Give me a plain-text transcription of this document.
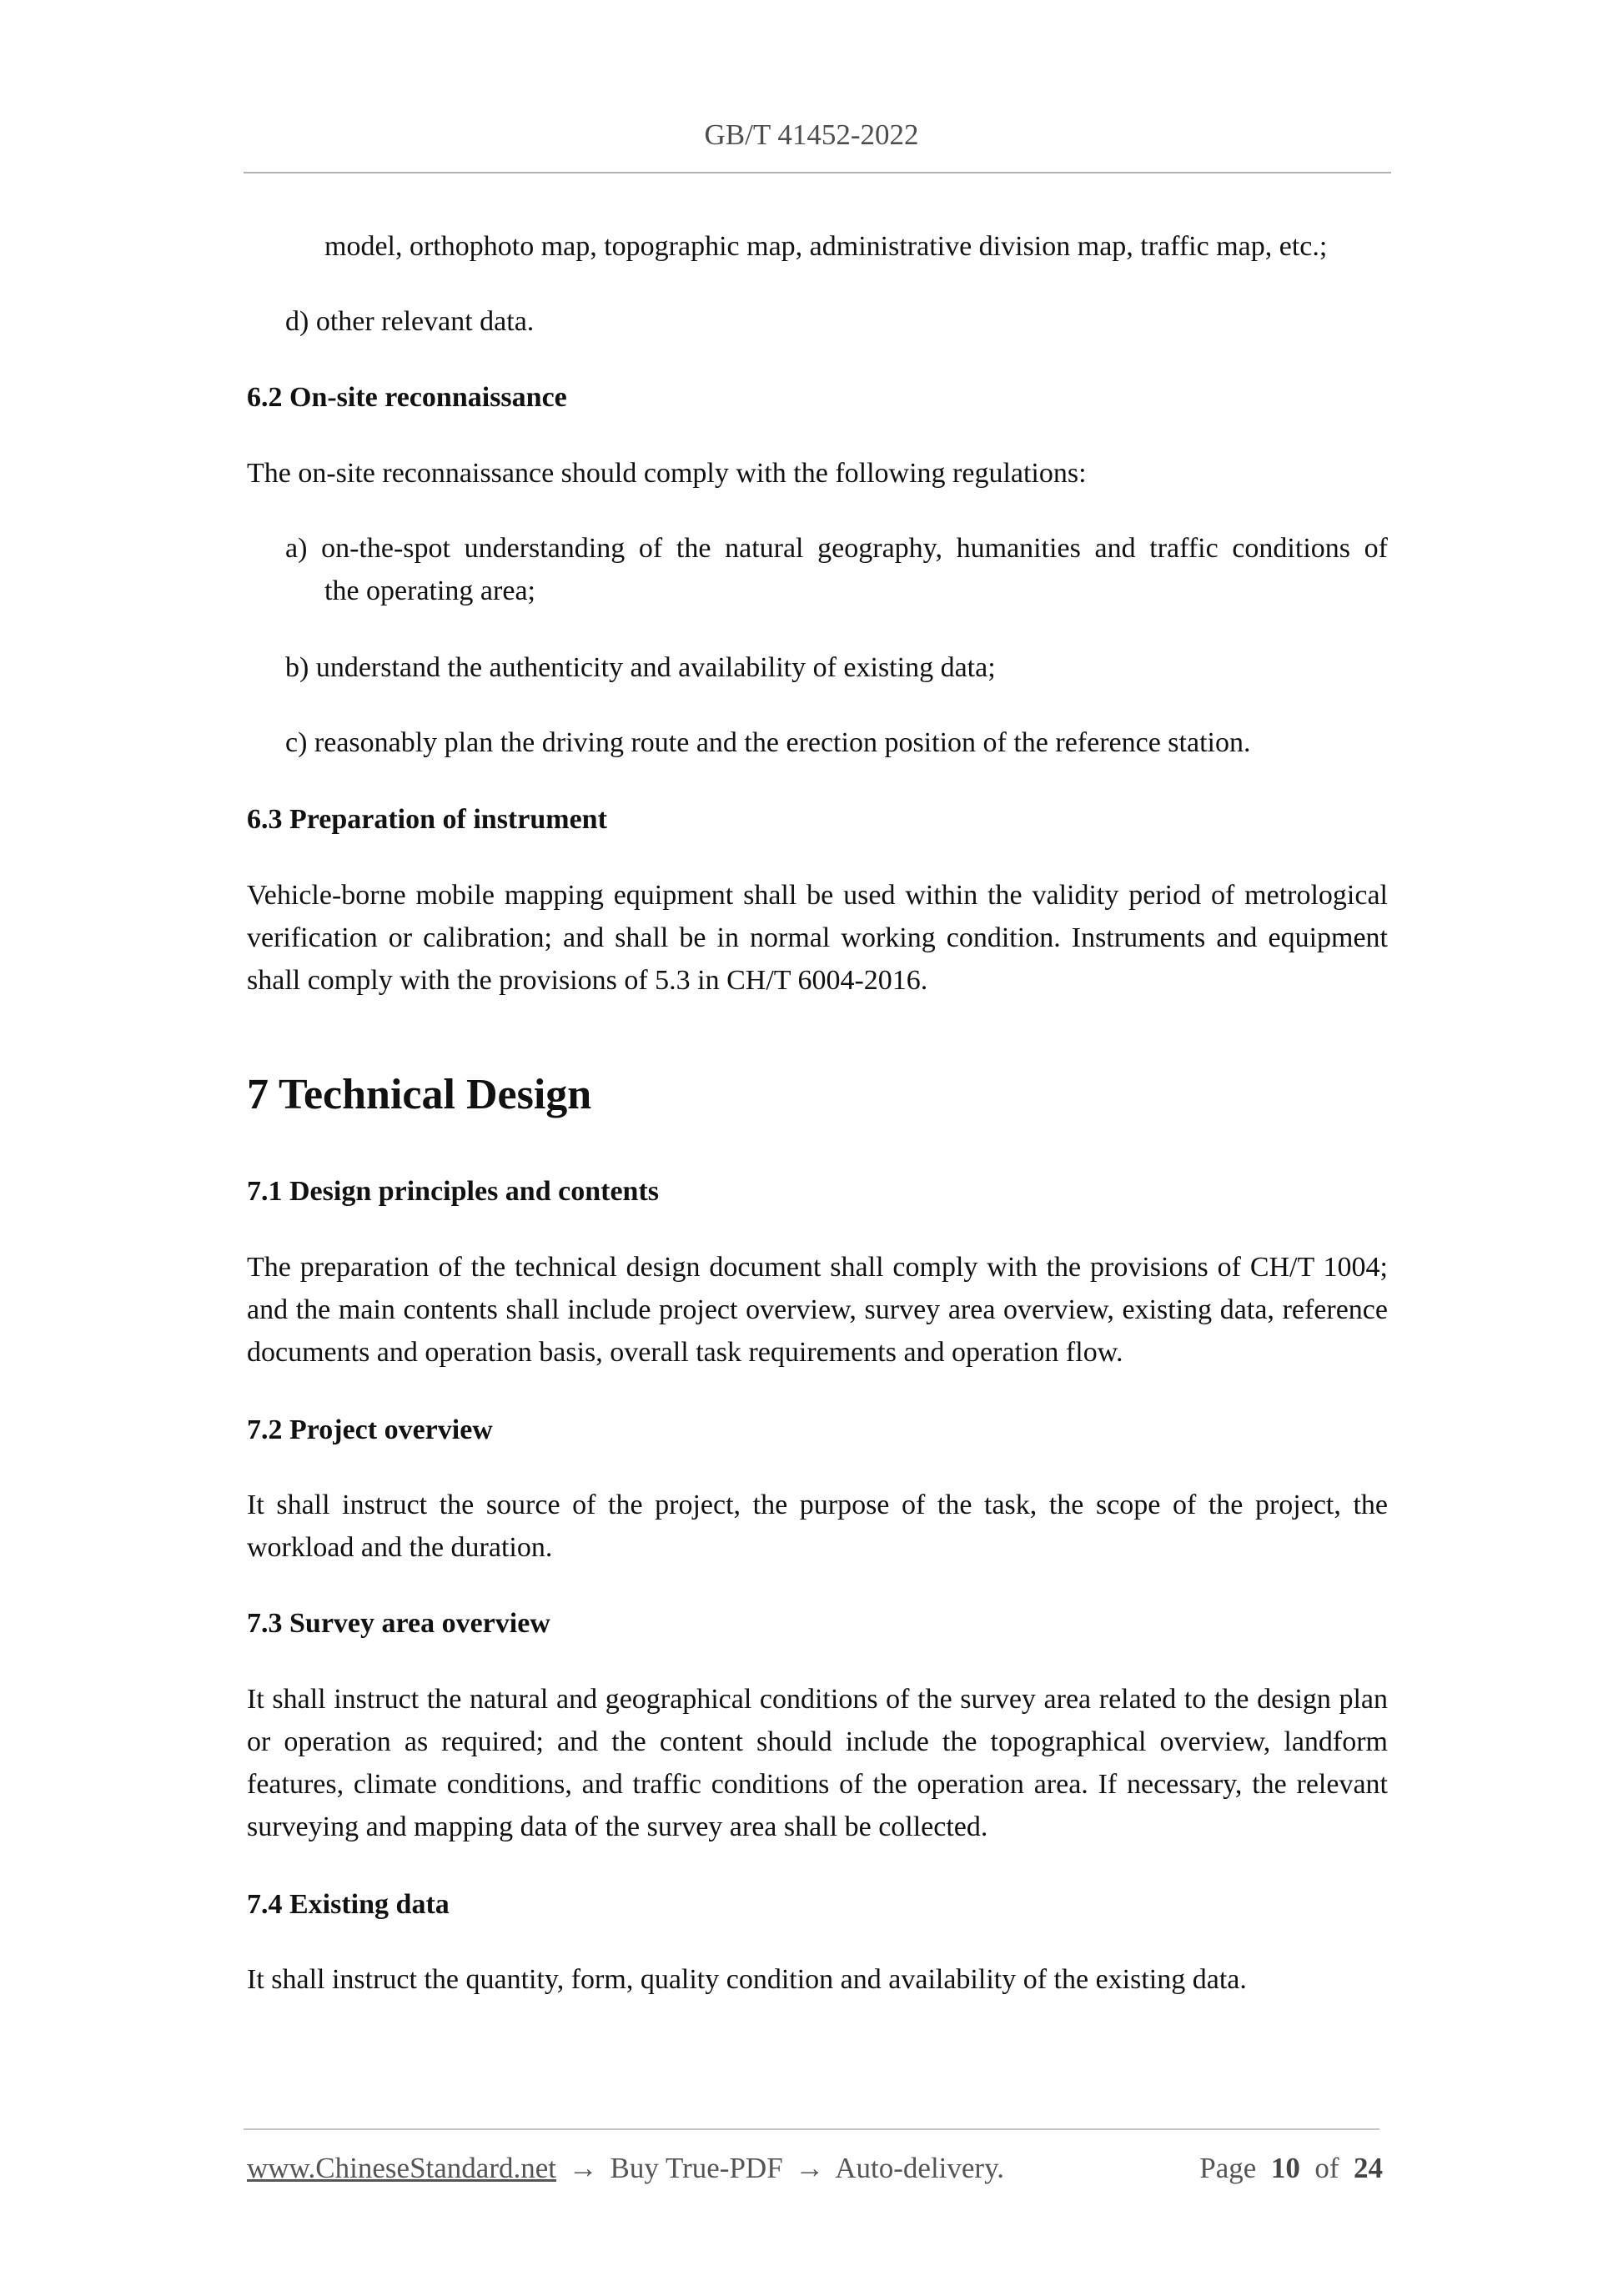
GB/T 41452-2022
model, orthophoto map, topographic map, administrative division map, traffic map, etc.;
d) other relevant data.
6.2 On-site reconnaissance
The on-site reconnaissance should comply with the following regulations:
a) on-the-spot understanding of the natural geography, humanities and traffic conditions of
the operating area;
b) understand the authenticity and availability of existing data;
c) reasonably plan the driving route and the erection position of the reference station.
6.3 Preparation of instrument
Vehicle-borne mobile mapping equipment shall be used within the validity period of metrological verification or calibration; and shall be in normal working condition. Instruments and equipment shall comply with the provisions of 5.3 in CH/T 6004-2016.
7 Technical Design
7.1 Design principles and contents
The preparation of the technical design document shall comply with the provisions of CH/T 1004; and the main contents shall include project overview, survey area overview, existing data, reference documents and operation basis, overall task requirements and operation flow.
7.2 Project overview
It shall instruct the source of the project, the purpose of the task, the scope of the project, the workload and the duration.
7.3 Survey area overview
It shall instruct the natural and geographical conditions of the survey area related to the design plan or operation as required; and the content should include the topographical overview, landform features, climate conditions, and traffic conditions of the operation area. If necessary, the relevant surveying and mapping data of the survey area shall be collected.
7.4 Existing data
It shall instruct the quantity, form, quality condition and availability of the existing data.
www.ChineseStandard.net → Buy True-PDF → Auto-delivery.	Page 10 of 24
